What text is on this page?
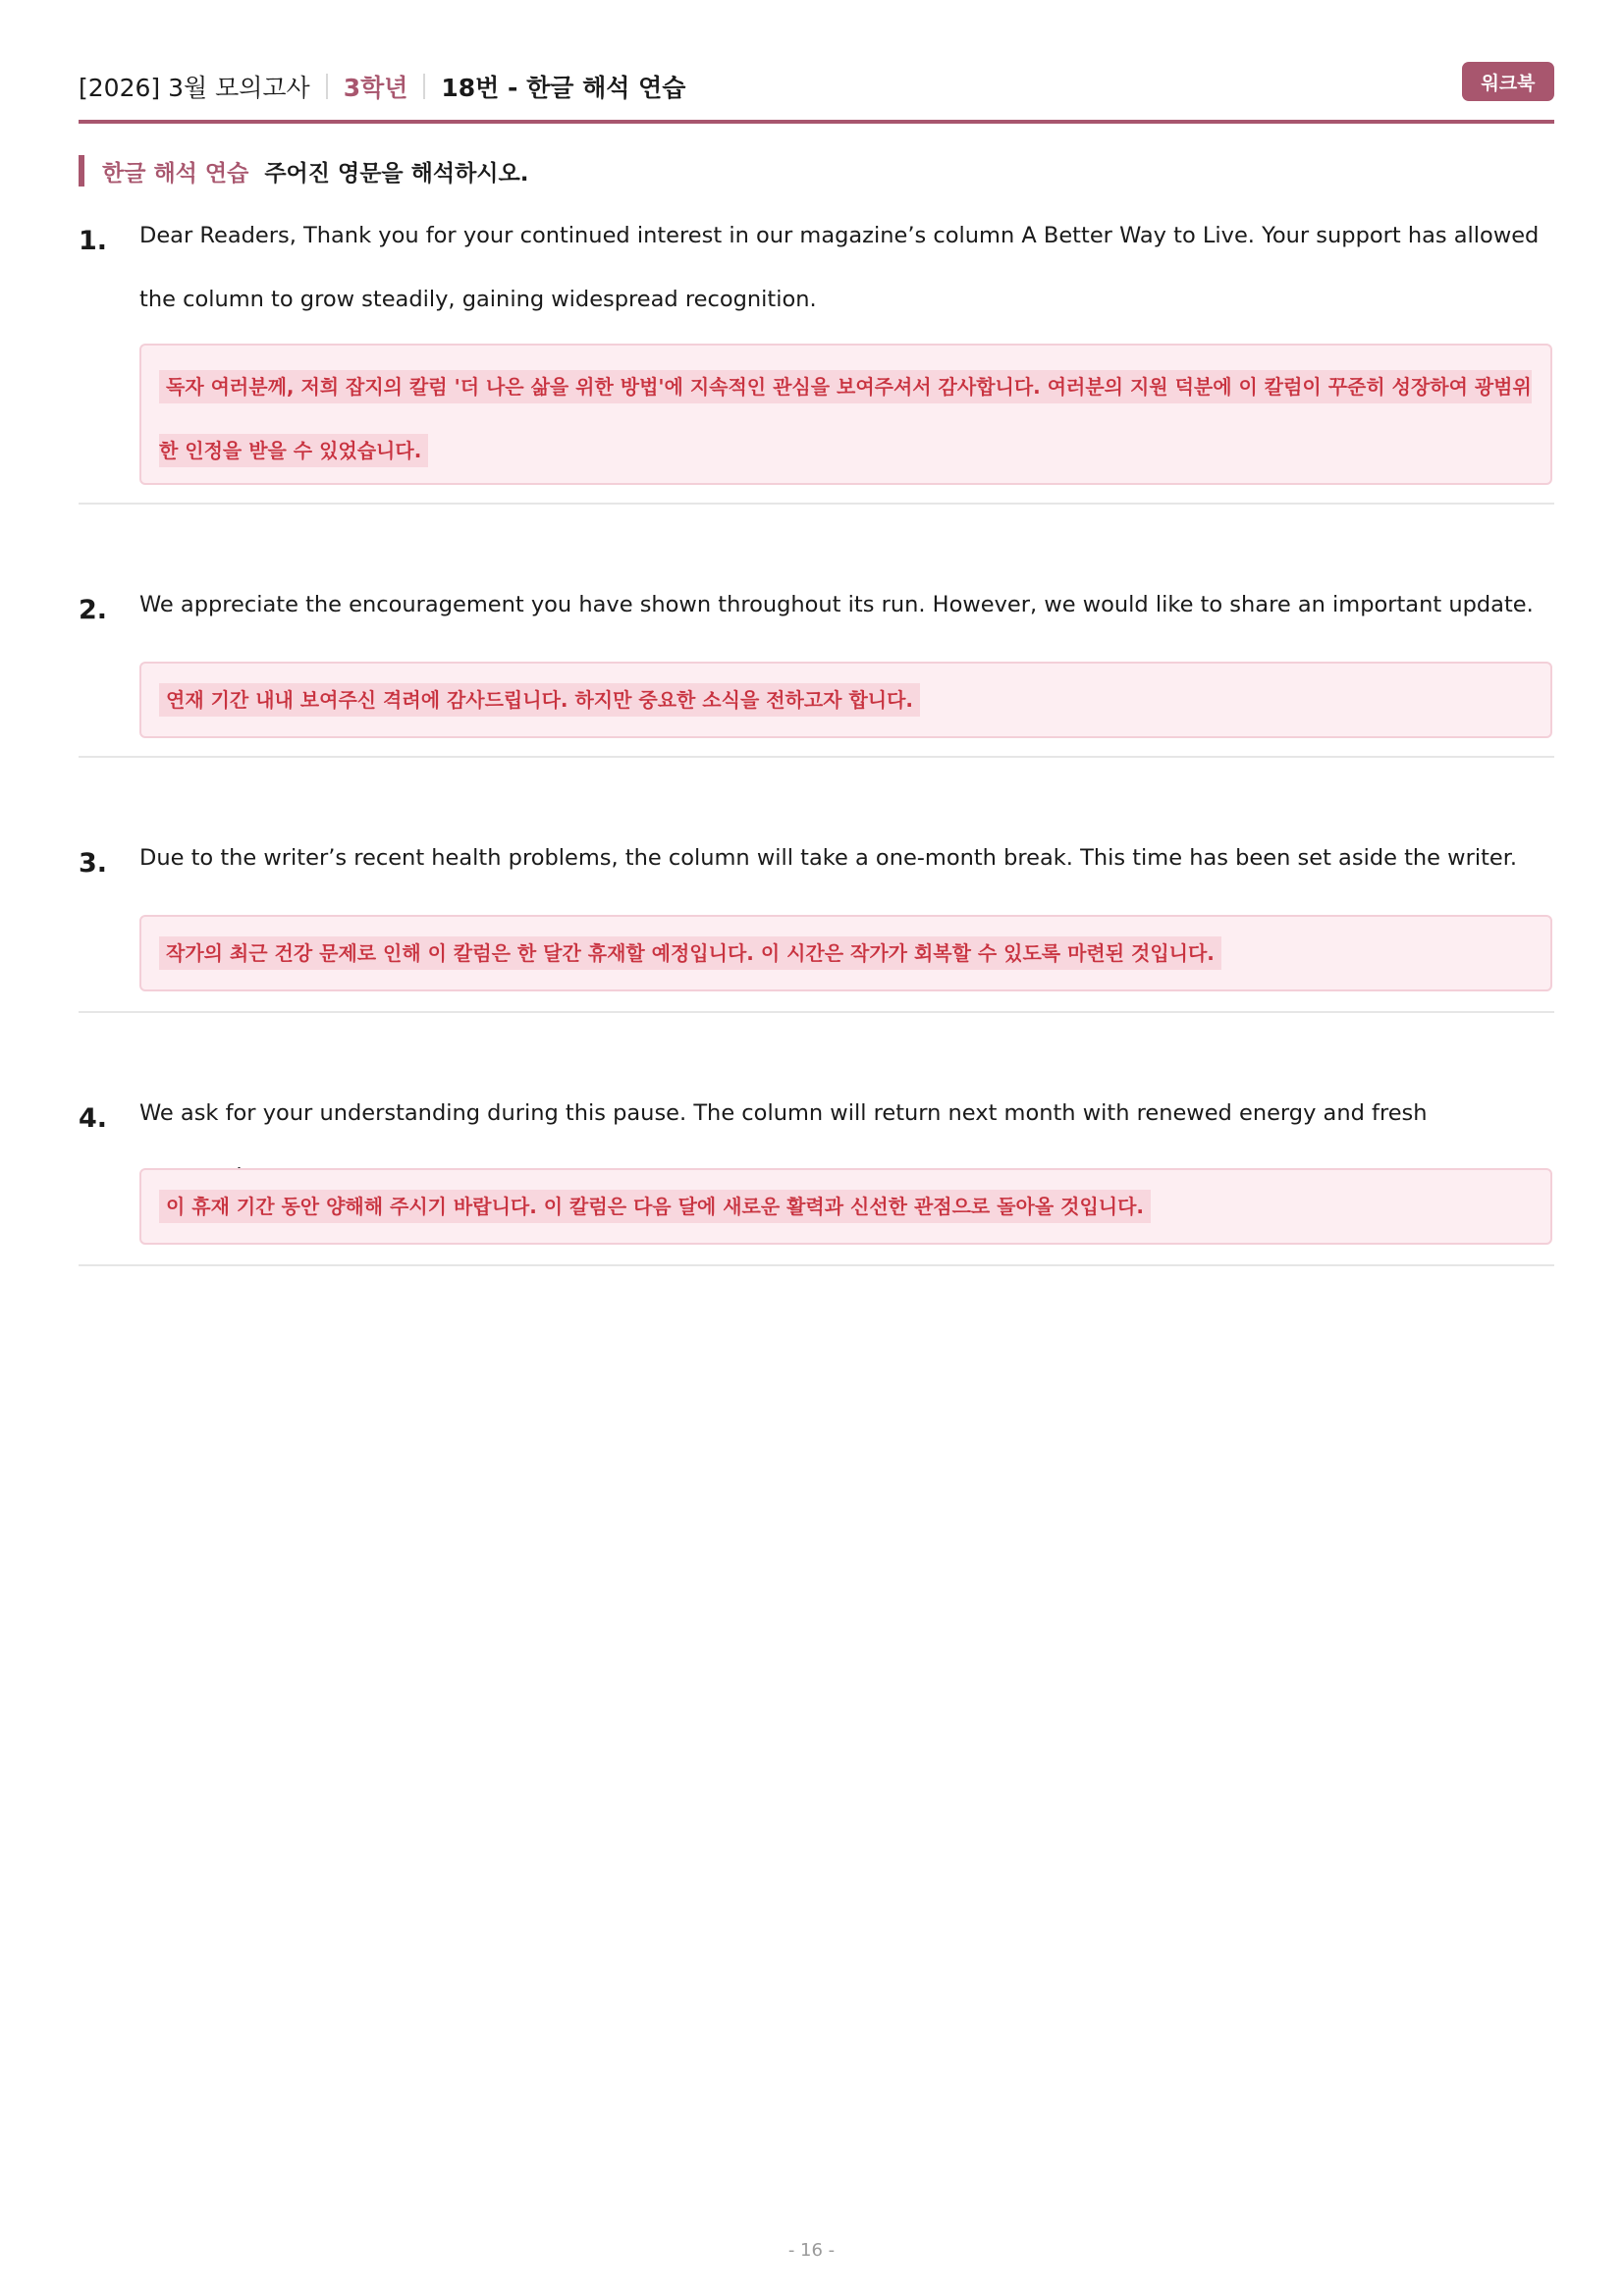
[2026] 3월 모의고사 3학년 18번 - 한글 해석 연습	워크북
한글 해석 연습 주어진 영문을 해석하시오.
1. Dear Readers, Thank you for your continued interest in our magazine’s column A Better Way to Live. Your support has allowed the column to grow steadily, gaining widespread recognition.
독자 여러분께, 저희 잡지의 칼럼 '더 나은 삶을 위한 방법'에 지속적인 관심을 보여주셔서 감사합니다. 여러분의 지원 덕분에 이 칼럼이 꾸준히 성장하여 광범위한 인정을 받을 수 있었습니다.
2. We appreciate the encouragement you have shown throughout its run. However, we would like to share an important update.
연재 기간 내내 보여주신 격려에 감사드립니다. 하지만 중요한 소식을 전하고자 합니다.
3. Due to the writer’s recent health problems, the column will take a one-month break. This time has been set aside the writer.
작가의 최근 건강 문제로 인해 이 칼럼은 한 달간 휴재할 예정입니다. 이 시간은 작가가 회복할 수 있도록 마련된 것입니다.
4. We ask for your understanding during this pause. The column will return next month with renewed energy and fresh
이 휴재 기간 동안 양해해 주시기 바랍니다. 이 칼럼은 다음 달에 새로운 활력과 신선한 관점으로 돌아올 것입니다.
- 16 -
